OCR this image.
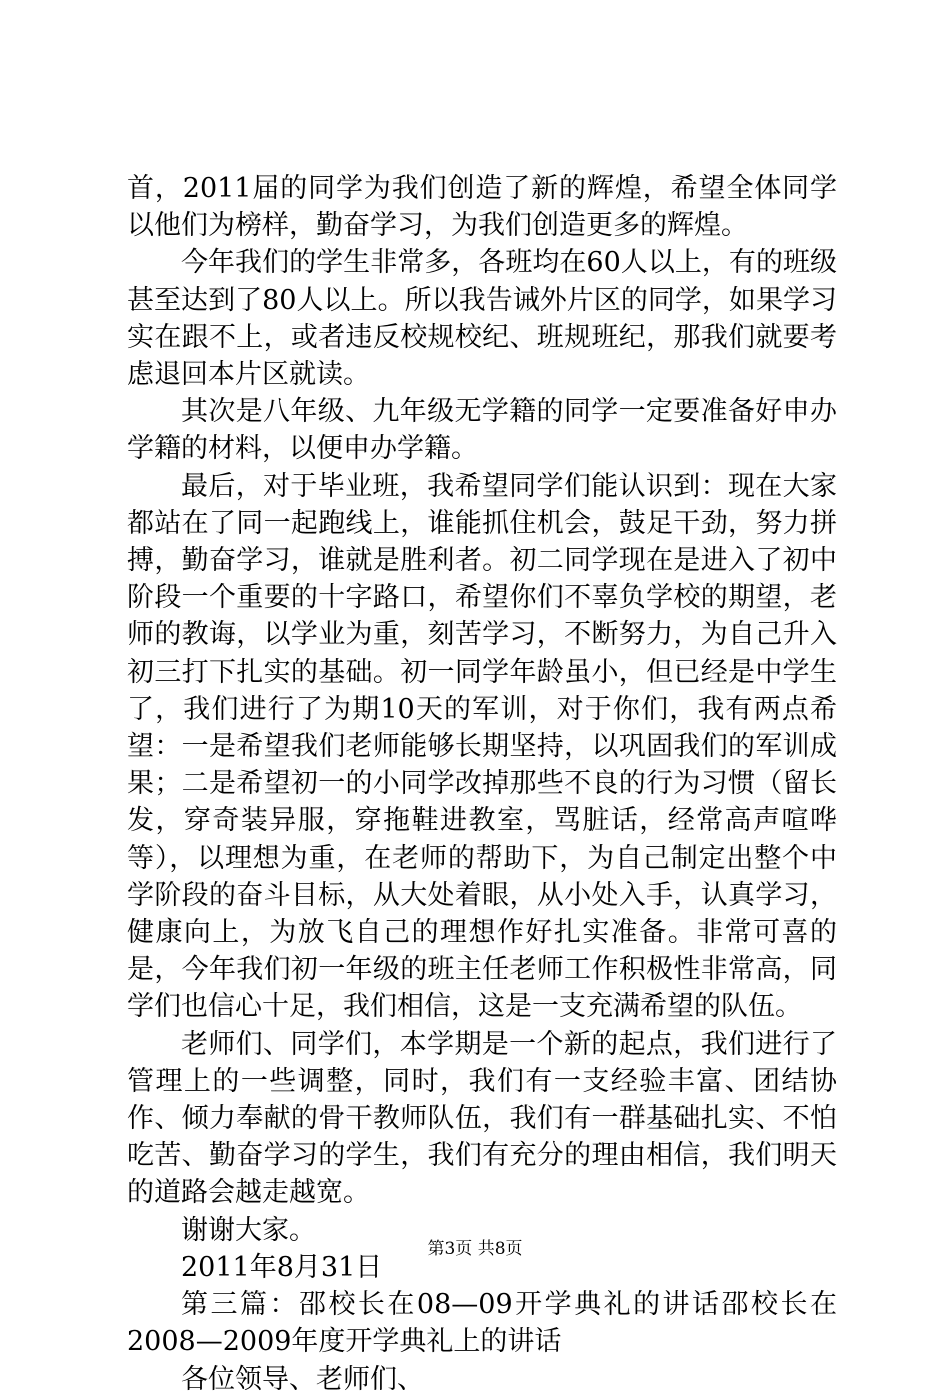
首，2011届的同学为我们创造了新的辉煌，希望全体同学以他们为榜样，勤奋学习，为我们创造更多的辉煌。

今年我们的学生非常多，各班均在60人以上，有的班级甚至达到了80人以上。所以我告诫外片区的同学，如果学习实在跟不上，或者违反校规校纪、班规班纪，那我们就要考虑退回本片区就读。

其次是八年级、九年级无学籍的同学一定要准备好申办学籍的材料，以便申办学籍。

最后，对于毕业班，我希望同学们能认识到：现在大家都站在了同一起跑线上，谁能抓住机会，鼓足干劲，努力拼搏，勤奋学习，谁就是胜利者。初二同学现在是进入了初中阶段一个重要的十字路口，希望你们不辜负学校的期望，老师的教诲，以学业为重，刻苦学习，不断努力，为自己升入初三打下扎实的基础。初一同学年龄虽小，但已经是中学生了，我们进行了为期10天的军训，对于你们，我有两点希望：一是希望我们老师能够长期坚持，以巩固我们的军训成果；二是希望初一的小同学改掉那些不良的行为习惯（留长发，穿奇装异服，穿拖鞋进教室，骂脏话，经常高声喧哗等），以理想为重，在老师的帮助下，为自己制定出整个中学阶段的奋斗目标，从大处着眼，从小处入手，认真学习，健康向上，为放飞自己的理想作好扎实准备。非常可喜的是，今年我们初一年级的班主任老师工作积极性非常高，同学们也信心十足，我们相信，这是一支充满希望的队伍。

老师们、同学们，本学期是一个新的起点，我们进行了管理上的一些调整，同时，我们有一支经验丰富、团结协作、倾力奉献的骨干教师队伍，我们有一群基础扎实、不怕吃苦、勤奋学习的学生，我们有充分的理由相信，我们明天的道路会越走越宽。

谢谢大家。

2011年8月31日

第三篇：邵校长在08—09开学典礼的讲话邵校长在2008—2009年度开学典礼上的讲话

各位领导、老师们、

第3页 共8页
